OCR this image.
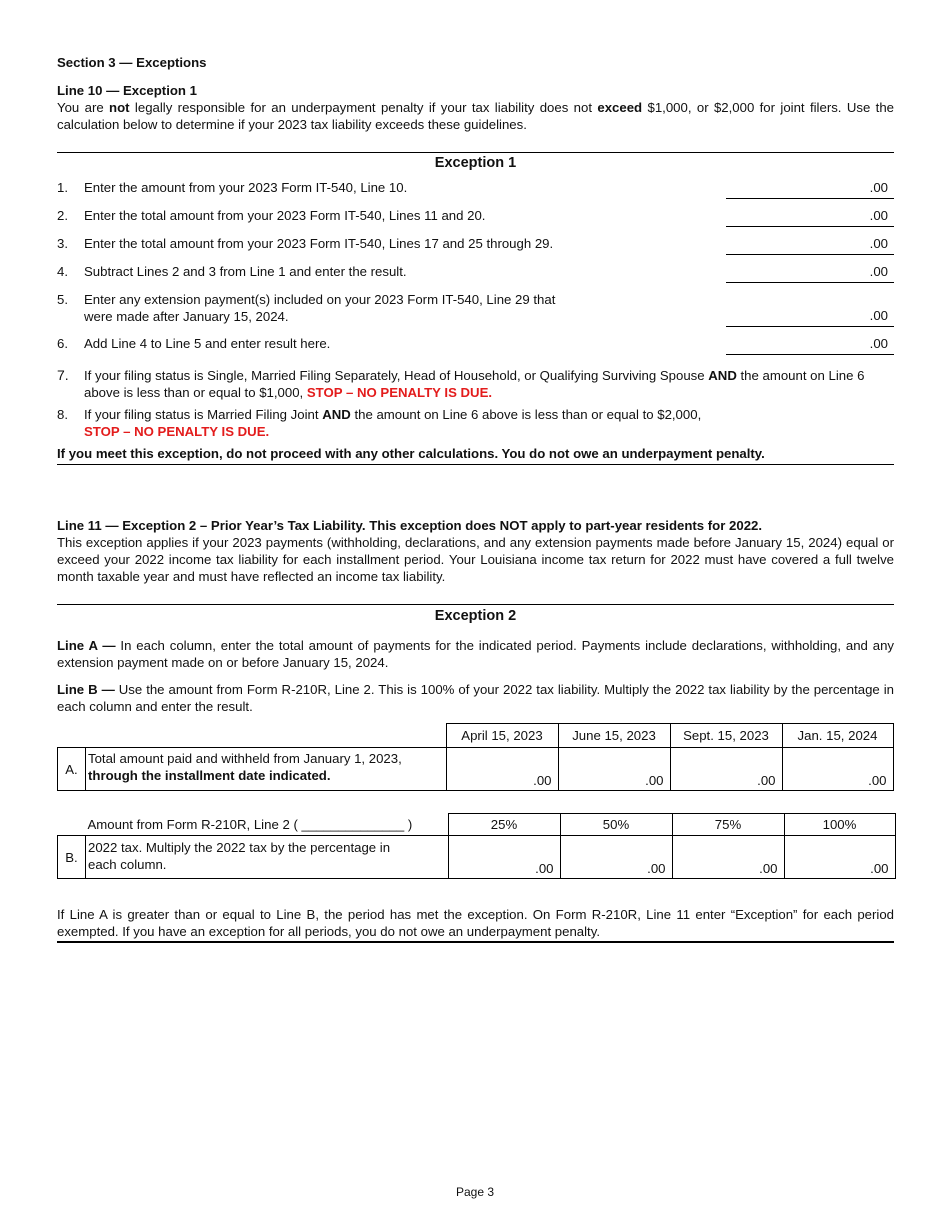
Section 3 — Exceptions
Line 10 — Exception 1
You are not legally responsible for an underpayment penalty if your tax liability does not exceed $1,000, or $2,000 for joint filers. Use the calculation below to determine if your 2023 tax liability exceeds these guidelines.
Exception 1
1. Enter the amount from your 2023 Form IT-540, Line 10.	.00
2. Enter the total amount from your 2023 Form IT-540, Lines 11 and 20.	.00
3. Enter the total amount from your 2023 Form IT-540, Lines 17 and 25 through 29.	.00
4. Subtract Lines 2 and 3 from Line 1 and enter the result.	.00
5. Enter any extension payment(s) included on your 2023 Form IT-540, Line 29 that
were made after January 15, 2024.	.00
6. Add Line 4 to Line 5 and enter result here.	.00
7. If your filing status is Single, Married Filing Separately, Head of Household, or Qualifying Surviving Spouse AND the amount on Line 6 above is less than or equal to $1,000, STOP – NO PENALTY IS DUE.
8. If your filing status is Married Filing Joint AND the amount on Line 6 above is less than or equal to $2,000,
STOP – NO PENALTY IS DUE.
If you meet this exception, do not proceed with any other calculations. You do not owe an underpayment penalty.
Line 11 — Exception 2 – Prior Year’s Tax Liability. This exception does NOT apply to part-year residents for 2022.
This exception applies if your 2023 payments (withholding, declarations, and any extension payments made before January 15, 2024) equal or exceed your 2022 income tax liability for each installment period. Your Louisiana income tax return for 2022 must have covered a full twelve month taxable year and must have reflected an income tax liability.
Exception 2
Line A — In each column, enter the total amount of payments for the indicated period. Payments include declarations, withholding, and any extension payment made on or before January 15, 2024.
Line B — Use the amount from Form R-210R, Line 2. This is 100% of your 2022 tax liability. Multiply the 2022 tax liability by the percentage in each column and enter the result.
		April 15, 2023	June 15, 2023	Sept. 15, 2023	Jan. 15, 2024
A.	Total amount paid and withheld from January 1, 2023,
through the installment date indicated.	.00	.00	.00	.00
	Amount from Form R-210R, Line 2 ( ______________ )	25%	50%	75%	100%
B.	2022 tax. Multiply the 2022 tax by the percentage in each column.	.00	.00	.00	.00
If Line A is greater than or equal to Line B, the period has met the exception. On Form R-210R, Line 11 enter “Exception” for each period exempted. If you have an exception for all periods, you do not owe an underpayment penalty.
Page 3
